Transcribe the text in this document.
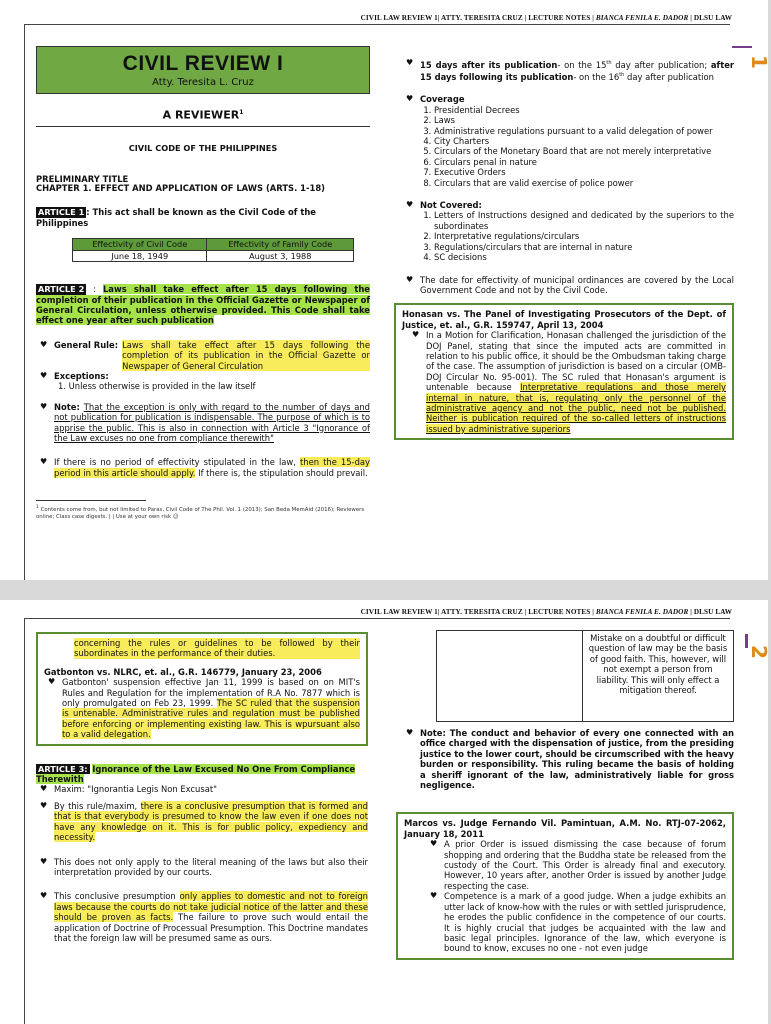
CIVIL LAW REVIEW 1| ATTY. TERESITA CRUZ | LECTURE NOTES | BIANCA FENILA E. DADOR | DLSU LAW
1
CIVIL REVIEW I
Atty. Teresita L. Cruz
A REVIEWER$^1$
CIVIL CODE OF THE PHILIPPINES
PRELIMINARY TITLE
CHAPTER 1. EFFECT AND APPLICATION OF LAWS (ARTS. 1-18)
ARTICLE 1 : This act shall be known as the Civil Code of the Philippines
Effectivity of Civil Code	Effectivity of Family Code
June 18, 1949	August 3, 1988
ARTICLE 2 : Laws shall take effect after 15 days following the completion of their publication in the Official Gazette or Newspaper of General Circulation, unless otherwise provided. This Code shall take effect one year after such publication
♥ General Rule: Laws shall take effect after 15 days following the completion of its publication in the Official Gazette or Newspaper of General Circulation
♥ Exceptions:
1. Unless otherwise is provided in the law itself
♥ Note: That the exception is only with regard to the number of days and not publication for publication is indispensable. The purpose of which is to apprise the public. This is also in connection with Article 3 "Ignorance of the Law excuses no one from compliance therewith"
♥ If there is no period of effectivity stipulated in the law, then the 15-day period in this article should apply. If there is, the stipulation should prevail.
$^1$ Contents come from, but not limited to Paras, Civil Code of The Phil. Vol. 1 (2013); San Beda MemAid (2016); Reviewers online; Class case digests. | | Use at your own risk ☺
♥ 15 days after its publication- on the 15th day after publication; after 15 days following its publication- on the 16th day after publication
♥ Coverage
1. Presidential Decrees
2. Laws
3. Administrative regulations pursuant to a valid delegation of power
4. City Charters
5. Circulars of the Monetary Board that are not merely interpretative
6. Circulars penal in nature
7. Executive Orders
8. Circulars that are valid exercise of police power
♥ Not Covered:
1. Letters of Instructions designed and dedicated by the superiors to the subordinates
2. Interpretative regulations/circulars
3. Regulations/circulars that are internal in nature
4. SC decisions
♥ The date for effectivity of municipal ordinances are covered by the Local Government Code and not by the Civil Code.
Honasan vs. The Panel of Investigating Prosecutors of the Dept. of Justice, et. al., G.R. 159747, April 13, 2004
♥ In a Motion for Clarification, Honasan challenged the jurisdiction of the DOJ Panel, stating that since the imputed acts are committed in relation to his public office, it should be the Ombudsman taking charge of the case. The assumption of jurisdiction is based on a circular (OMB-DOJ Circular No. 95-001). The SC ruled that Honasan's argument is untenable because Interpretative regulations and those merely internal in nature, that is, regulating only the personnel of the administrative agency and not the public, need not be published. Neither is publication required of the so-called letters of instructions issued by administrative superiors
CIVIL LAW REVIEW 1| ATTY. TERESITA CRUZ | LECTURE NOTES | BIANCA FENILA E. DADOR | DLSU LAW
2
concerning the rules or guidelines to be followed by their subordinates in the performance of their duties.
Gatbonton vs. NLRC, et. al., G.R. 146779, January 23, 2006
♥ Gatbonton' suspension effective Jan 11, 1999 is based on on MIT's Rules and Regulation for the implementation of R.A No. 7877 which is only promulgated on Feb 23, 1999. The SC ruled that the suspension is untenable. Administrative rules and regulation must be published before enforcing or implementing existing law. This is wpursuant also to a valid delegation.
ARTICLE 3: Ignorance of the Law Excused No One From Compliance Therewith
♥ Maxim: "Ignorantia Legis Non Excusat"
♥ By this rule/maxim, there is a conclusive presumption that is formed and that is that everybody is presumed to know the law even if one does not have any knowledge on it. This is for public policy, expediency and necessity.
♥ This does not only apply to the literal meaning of the laws but also their interpretation provided by our courts.
♥ This conclusive presumption only applies to domestic and not to foreign laws because the courts do not take judicial notice of the latter and these should be proven as facts. The failure to prove such would entail the application of Doctrine of Processual Presumption. This Doctrine mandates that the foreign law will be presumed same as ours.
Mistake on a doubtful or difficult question of law may be the basis of good faith. This, however, will not exempt a person from liability. This will only effect a mitigation thereof.
♥ Note: The conduct and behavior of every one connected with an office charged with the dispensation of justice, from the presiding justice to the lower court, should be circumscribed with the heavy burden or responsibility. This ruling became the basis of holding a sheriff ignorant of the law, administratively liable for gross negligence.
Marcos vs. Judge Fernando Vil. Pamintuan, A.M. No. RTJ-07-2062, January 18, 2011
♥ A prior Order is issued dismissing the case because of forum shopping and ordering that the Buddha state be released from the custody of the Court. This Order is already final and executory. However, 10 years after, another Order is issued by another Judge respecting the case.
♥ Competence is a mark of a good judge. When a judge exhibits an utter lack of know-how with the rules or with settled jurisprudence, he erodes the public confidence in the competence of our courts. It is highly crucial that judges be acquainted with the law and basic legal principles. Ignorance of the law, which everyone is bound to know, excuses no one - not even judge
